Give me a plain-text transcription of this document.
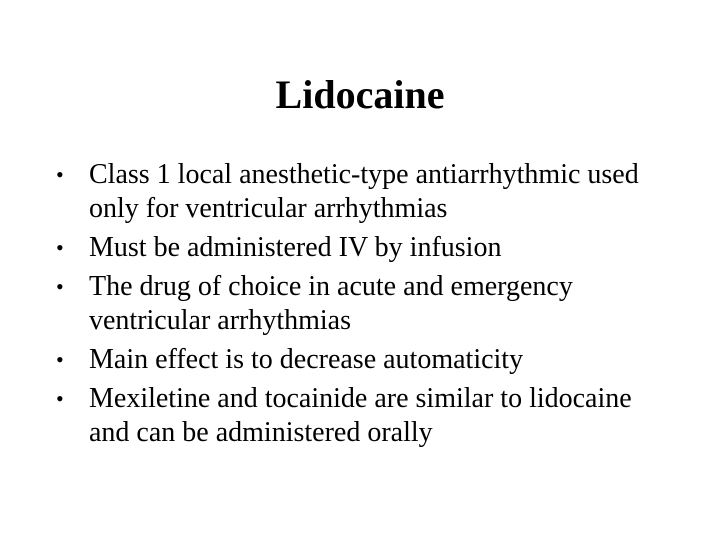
Lidocaine
• Class 1 local anesthetic-type antiarrhythmic used only for ventricular arrhythmias
• Must be administered IV by infusion
• The drug of choice in acute and emergency ventricular arrhythmias
• Main effect is to decrease automaticity
• Mexiletine and tocainide are similar to lidocaine and can be administered orally
